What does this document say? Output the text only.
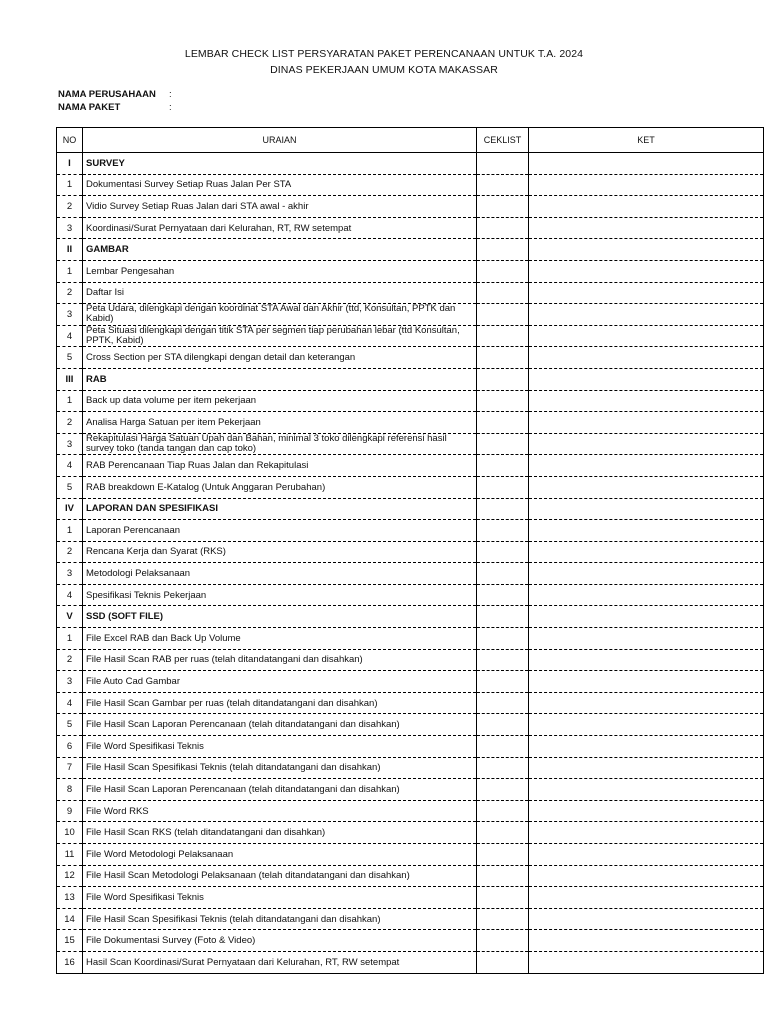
LEMBAR CHECK LIST PERSYARATAN PAKET PERENCANAAN UNTUK T.A. 2024
DINAS PEKERJAAN UMUM KOTA MAKASSAR
NAMA PERUSAHAAN :
NAMA PAKET	:
NO	URAIAN	CEKLIST	KET
I	SURVEY		
1	Dokumentasi Survey Setiap Ruas Jalan Per STA		
2	Vidio Survey Setiap Ruas Jalan dari STA awal - akhir		
3	Koordinasi/Surat Pernyataan dari Kelurahan, RT, RW setempat		
II	GAMBAR		
1	Lembar Pengesahan		
2	Daftar Isi		
3	Peta Udara, dilengkapi dengan koordinat STA Awal dan Akhir (ttd, Konsultan, PPTK dan Kabid)		
4	Peta Situasi dilengkapi dengan titik STA per segmen tiap perubahan lebar (ttd Konsultan, PPTK, Kabid)		
5	Cross Section per STA dilengkapi dengan detail dan keterangan		
III	RAB		
1	Back up data volume per item pekerjaan		
2	Analisa Harga Satuan per item Pekerjaan		
3	Rekapitulasi Harga Satuan Upah dan Bahan, minimal 3 toko dilengkapi referensi hasil survey toko (tanda tangan dan cap toko)		
4	RAB Perencanaan Tiap Ruas Jalan dan Rekapitulasi		
5	RAB breakdown E-Katalog (Untuk Anggaran Perubahan)		
IV	LAPORAN DAN SPESIFIKASI		
1	Laporan Perencanaan		
2	Rencana Kerja dan Syarat (RKS)		
3	Metodologi Pelaksanaan		
4	Spesifikasi Teknis Pekerjaan		
V	SSD (SOFT FILE)		
1	File Excel RAB dan Back Up Volume		
2	File Hasil Scan RAB per ruas (telah ditandatangani dan disahkan)		
3	File Auto Cad Gambar		
4	File Hasil Scan Gambar per ruas (telah ditandatangani dan disahkan)		
5	File Hasil Scan Laporan Perencanaan (telah ditandatangani dan disahkan)		
6	File Word Spesifikasi Teknis		
7	File Hasil Scan Spesifikasi Teknis (telah ditandatangani dan disahkan)		
8	File Hasil Scan Laporan Perencanaan (telah ditandatangani dan disahkan)		
9	File Word RKS		
10	File Hasil Scan RKS (telah ditandatangani dan disahkan)		
11	File Word Metodologi Pelaksanaan		
12	File Hasil Scan Metodologi Pelaksanaan (telah ditandatangani dan disahkan)		
13	File Word Spesifikasi Teknis		
14	File Hasil Scan Spesifikasi Teknis (telah ditandatangani dan disahkan)		
15	File Dokumentasi Survey (Foto & Video)		
16	Hasil Scan Koordinasi/Surat Pernyataan dari Kelurahan, RT, RW setempat		
